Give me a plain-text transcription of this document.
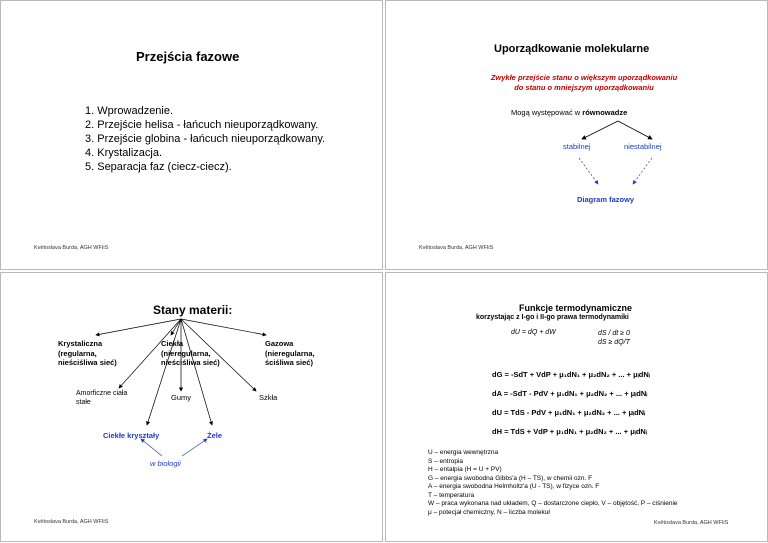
Przejścia fazowe
1. Wprowadzenie.
2. Przejście helisa - łańcuch nieuporządkowany.
3. Przejście globina - łańcuch nieuporządkowany.
4. Krystalizacja.
5. Separacja faz (ciecz-ciecz).
Květoslava Burda, AGH WFIiS
Uporządkowanie molekularne
Zwykłe przejście stanu o większym uporządkowaniu
do stanu o mniejszym uporządkowaniu
Mogą występować w równowadze
stabilnej	niestabilnej
Diagram fazowy
Květoslava Burda, AGH WFIiS
Stany materii:
Krystaliczna
(regularna,
nieściśliwa sieć)
Ciekła
(nieregularna,
nieściśliwa sieć)
Gazowa
(nieregularna,
ściśliwa sieć)
Amorficzne ciała
stałe
Gumy	Szkła
Ciekłe kryształy	Żele
w biologii
Květoslava Burda, AGH WFIiS
Funkcje termodynamiczne
korzystając z I-go i II-go prawa termodynamiki
dU = dQ + dW	dS / dt ≥ 0
dS ≥ dQ/T
dG = -SdT + VdP + μ₁dN₁ + μ₂dN₂ + ... + μᵢdNᵢ
dA = -SdT - PdV + μ₁dN₁ + μ₂dN₂ + ... + μᵢdNᵢ
dU = TdS - PdV + μ₁dN₁ + μ₂dN₂ + ... + μᵢdNᵢ
dH = TdS + VdP + μ₁dN₁ + μ₂dN₂ + ... + μᵢdNᵢ
U – energia wewnętrzna
S – entropia
H – entalpia (H = U + PV)
G – energia swobodna Gibbs'a (H – TS), w chemii ozn. F
A – energia swobodna Helmholtz'a (U - TS), w fizyce ozn. F
T – temperatura
W – praca wykonana nad układem, Q – dostarczone ciepło, V – objętość, P – ciśnienie
μ – potecjał chemiczny, N – liczba molekuł
Květoslava Burda, AGH WFIiS
